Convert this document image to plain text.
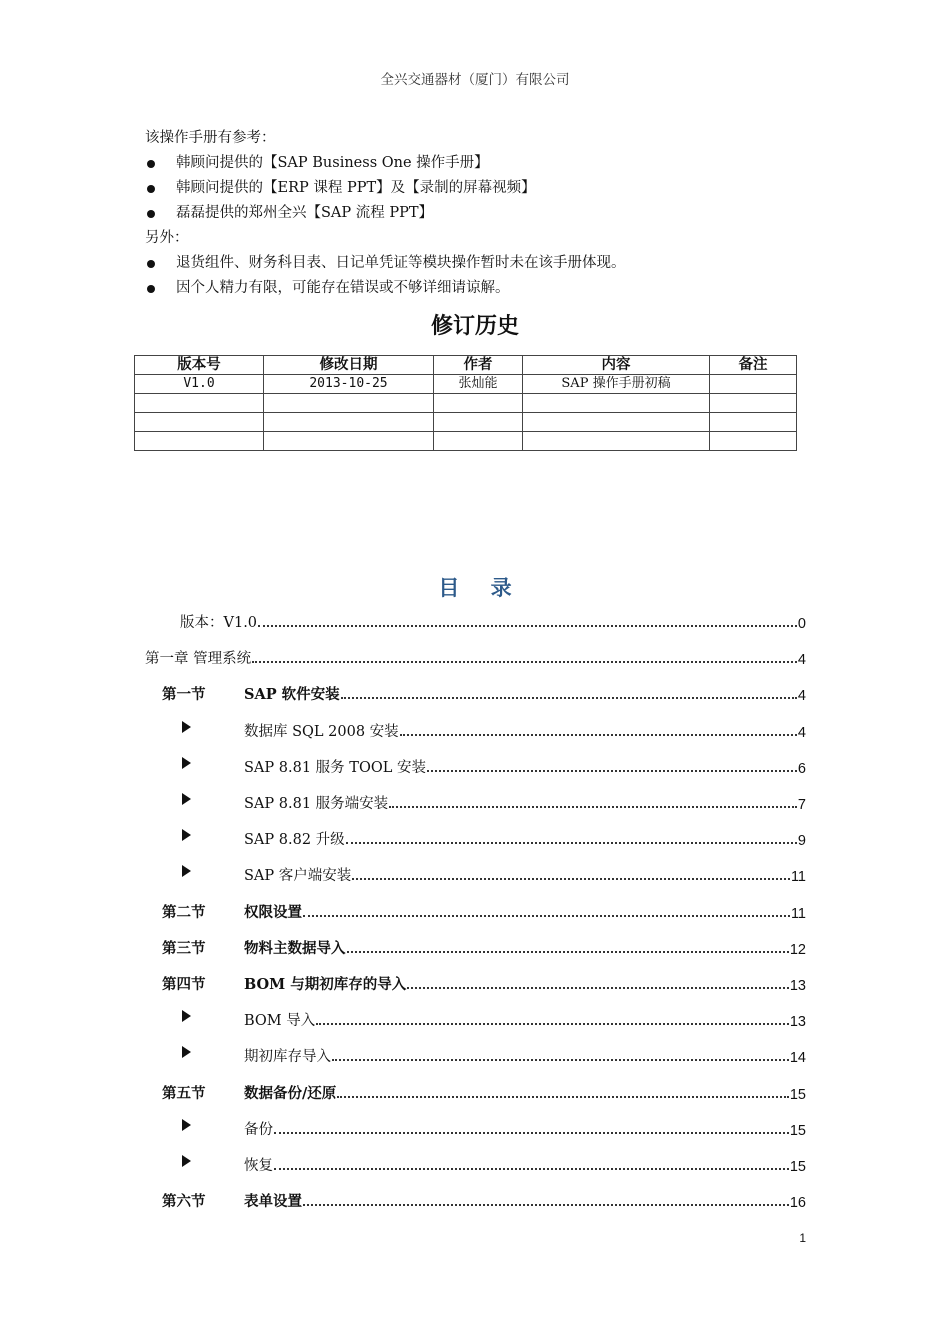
全兴交通器材（厦门）有限公司
该操作手册有参考：
韩顾问提供的【SAP Business One 操作手册】
韩顾问提供的【ERP 课程 PPT】及【录制的屏幕视频】
磊磊提供的郑州全兴【SAP 流程 PPT】
另外：
退货组件、财务科目表、日记单凭证等模块操作暂时未在该手册体现。
因个人精力有限，可能存在错误或不够详细请谅解。
修订历史
版本号	修改日期	作者	内容	备注
V1.0	2013-10-25	张灿能	SAP 操作手册初稿	

目 录
版本：V1.0	0
第一章 管理系统	4
第一节	SAP 软件安装	4
数据库 SQL 2008 安装	4
SAP 8.81 服务 TOOL 安装	6
SAP 8.81 服务端安装	7
SAP 8.82 升级	9
SAP 客户端安装	11
第二节	权限设置	11
第三节	物料主数据导入	12
第四节	BOM 与期初库存的导入	13
BOM 导入	13
期初库存导入	14
第五节	数据备份/还原	15
备份	15
恢复	15
第六节	表单设置	16
1
